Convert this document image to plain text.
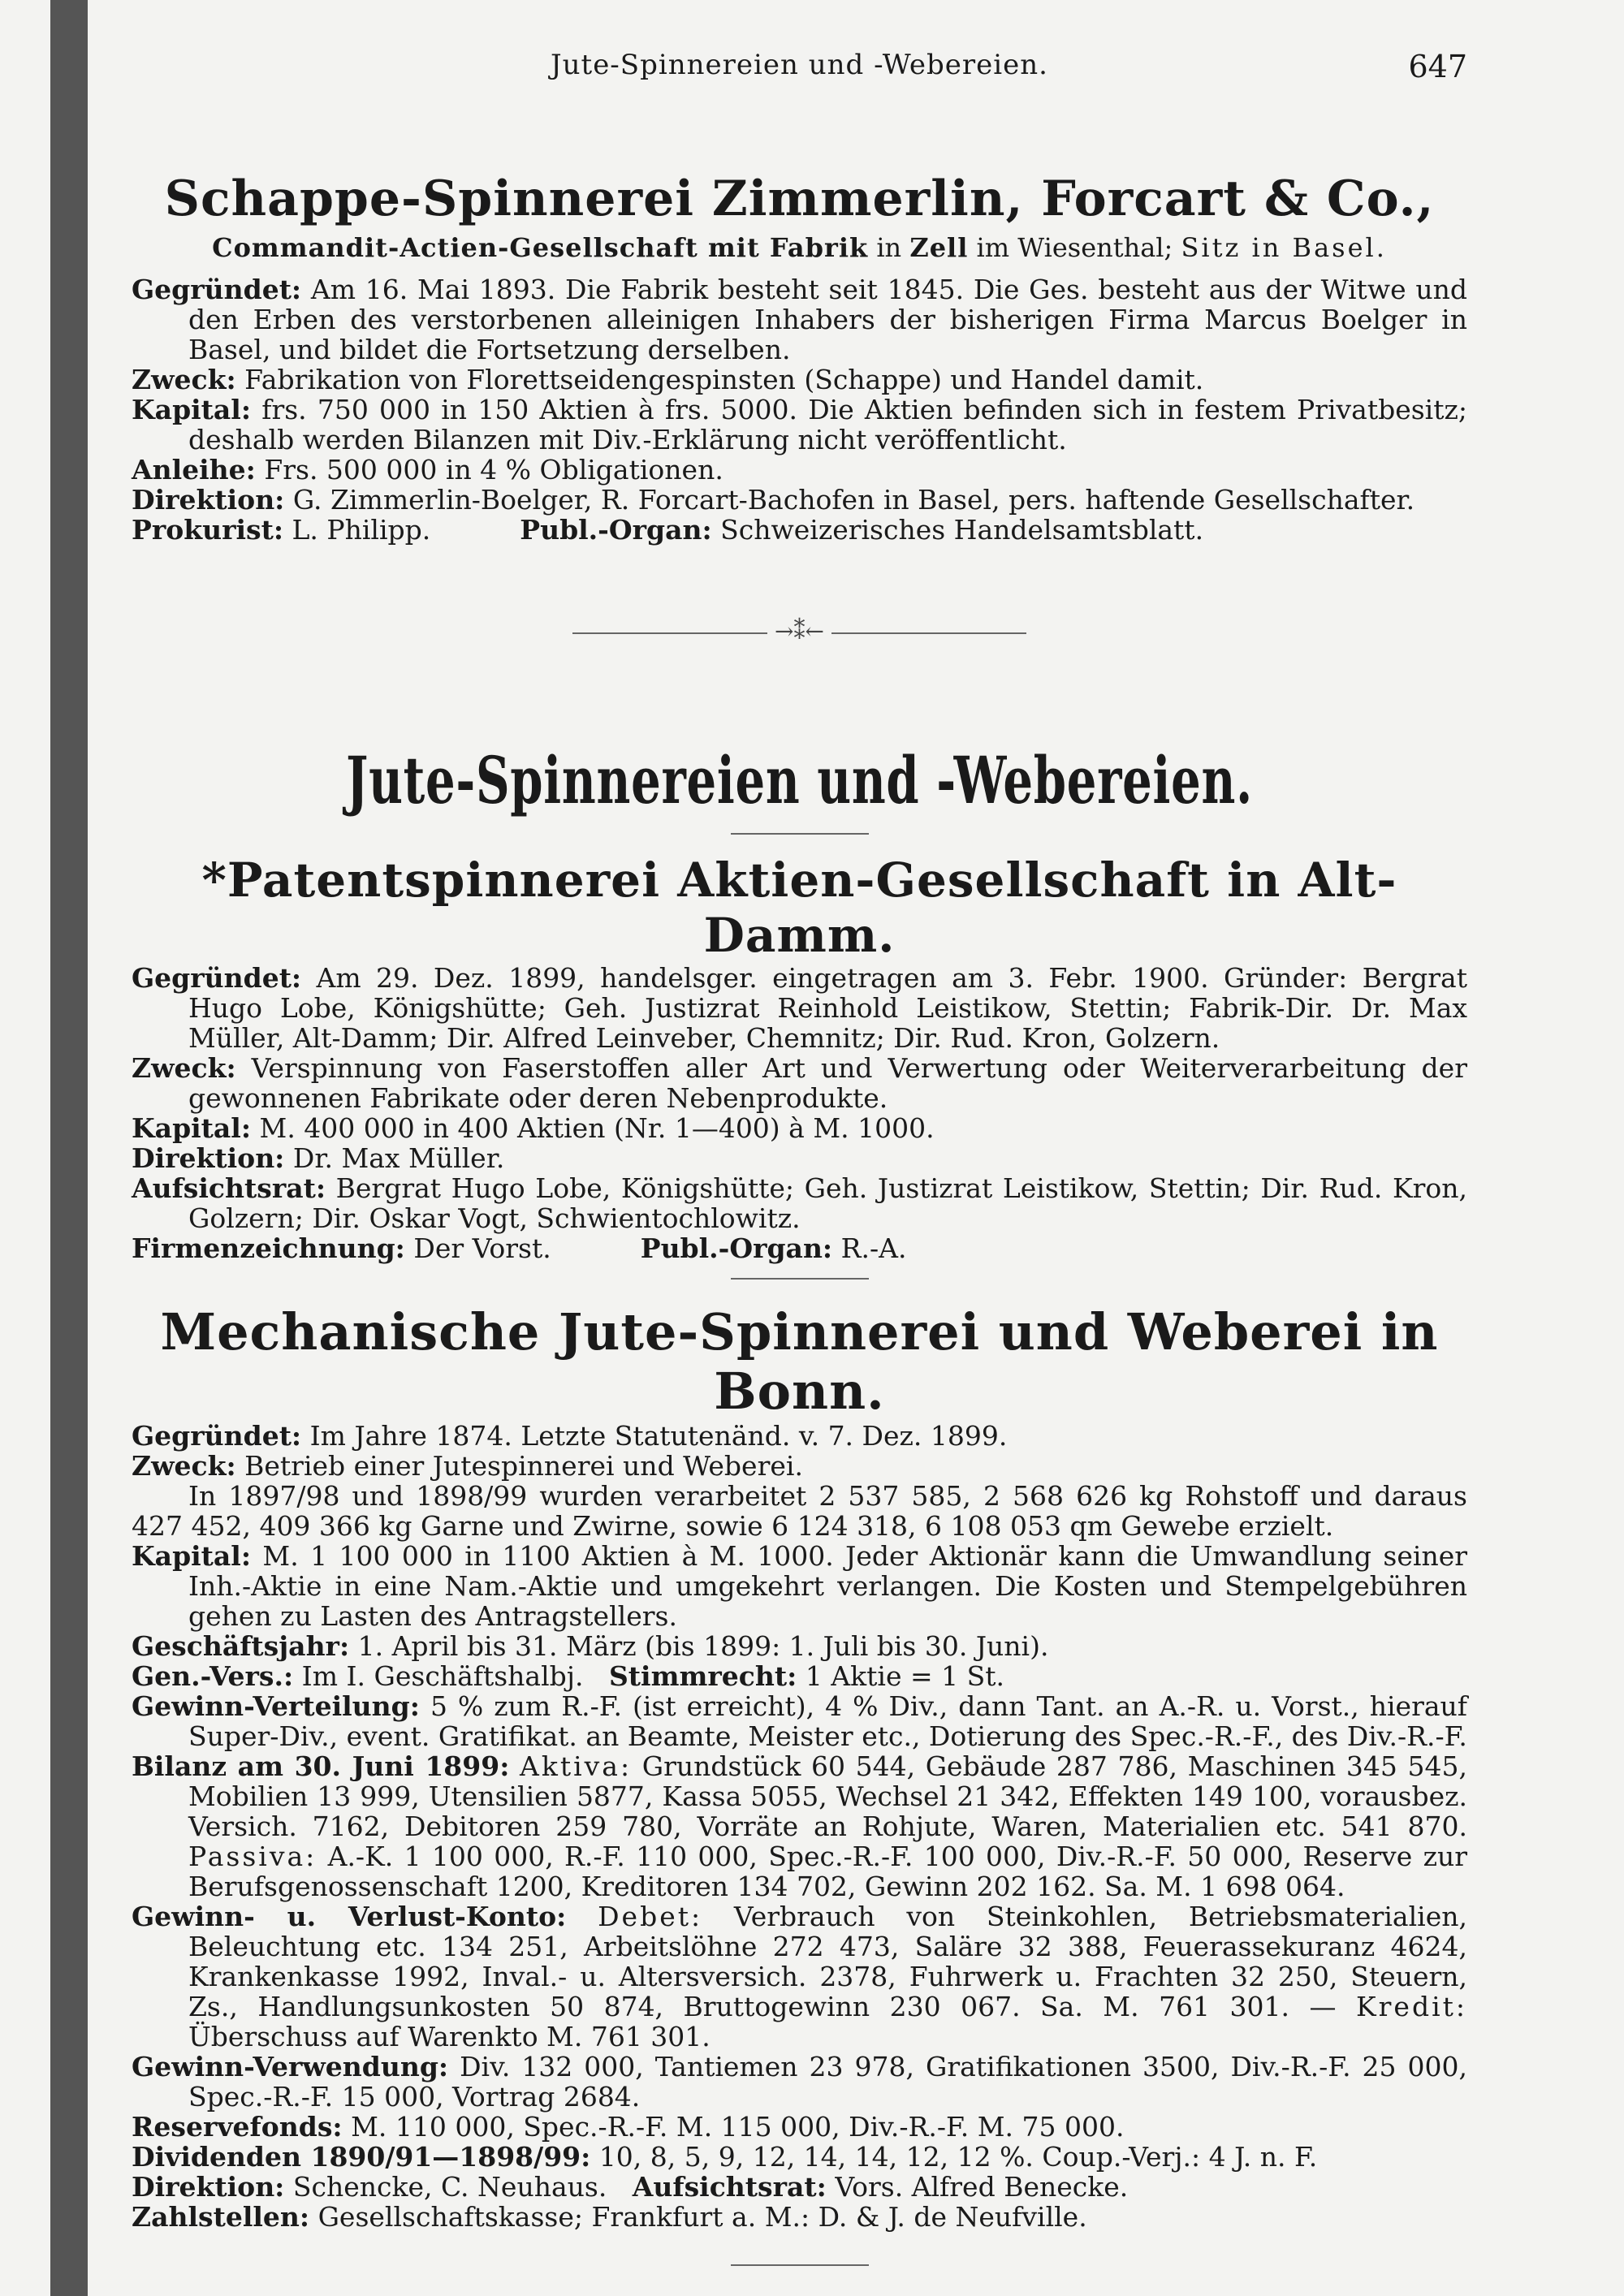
Jute-Spinnereien und -Webereien.	647
Schappe-Spinnerei Zimmerlin, Forcart & Co.,
Commandit-Actien-Gesellschaft mit Fabrik in Zell im Wiesenthal; Sitz in Basel.

Gegründet: Am 16. Mai 1893. Die Fabrik besteht seit 1845. Die Ges. besteht aus der Witwe und den Erben des verstorbenen alleinigen Inhabers der bisherigen Firma Marcus Boelger in Basel, und bildet die Fortsetzung derselben.

Zweck: Fabrikation von Florettseidengespinsten (Schappe) und Handel damit.

Kapital: frs. 750 000 in 150 Aktien à frs. 5000. Die Aktien befinden sich in festem Privatbesitz; deshalb werden Bilanzen mit Div.-Erklärung nicht veröffentlicht.

Anleihe: Frs. 500 000 in 4 % Obligationen.

Direktion: G. Zimmerlin-Boelger, R. Forcart-Bachofen in Basel, pers. haftende Gesellschafter.

Prokurist: L. Philipp.	Publ.-Organ: Schweizerisches Handelsamtsblatt.

→⁑←
Jute-Spinnereien und -Webereien.
*Patentspinnerei Aktien-Gesellschaft in Alt-Damm.

Gegründet: Am 29. Dez. 1899, handelsger. eingetragen am 3. Febr. 1900. Gründer: Bergrat Hugo Lobe, Königshütte; Geh. Justizrat Reinhold Leistikow, Stettin; Fabrik-Dir. Dr. Max Müller, Alt-Damm; Dir. Alfred Leinveber, Chemnitz; Dir. Rud. Kron, Golzern.

Zweck: Verspinnung von Faserstoffen aller Art und Verwertung oder Weiterverarbeitung der gewonnenen Fabrikate oder deren Nebenprodukte.

Kapital: M. 400 000 in 400 Aktien (Nr. 1—400) à M. 1000.

Direktion: Dr. Max Müller.

Aufsichtsrat: Bergrat Hugo Lobe, Königshütte; Geh. Justizrat Leistikow, Stettin; Dir. Rud. Kron, Golzern; Dir. Oskar Vogt, Schwientochlowitz.

Firmenzeichnung: Der Vorst.	Publ.-Organ: R.-A.

Mechanische Jute-Spinnerei und Weberei in Bonn.

Gegründet: Im Jahre 1874. Letzte Statutenänd. v. 7. Dez. 1899.

Zweck: Betrieb einer Jutespinnerei und Weberei.

In 1897/98 und 1898/99 wurden verarbeitet 2 537 585, 2 568 626 kg Rohstoff und daraus 427 452, 409 366 kg Garne und Zwirne, sowie 6 124 318, 6 108 053 qm Gewebe erzielt.

Kapital: M. 1 100 000 in 1100 Aktien à M. 1000. Jeder Aktionär kann die Umwandlung seiner Inh.-Aktie in eine Nam.-Aktie und umgekehrt verlangen. Die Kosten und Stempelgebühren gehen zu Lasten des Antragstellers.

Geschäftsjahr: 1. April bis 31. März (bis 1899: 1. Juli bis 30. Juni).

Gen.-Vers.: Im I. Geschäftshalbj. Stimmrecht: 1 Aktie = 1 St.

Gewinn-Verteilung: 5 % zum R.-F. (ist erreicht), 4 % Div., dann Tant. an A.-R. u. Vorst., hierauf Super-Div., event. Gratifikat. an Beamte, Meister etc., Dotierung des Spec.-R.-F., des Div.-R.-F.

Bilanz am 30. Juni 1899: Aktiva: Grundstück 60 544, Gebäude 287 786, Maschinen 345 545, Mobilien 13 999, Utensilien 5877, Kassa 5055, Wechsel 21 342, Effekten 149 100, vorausbez. Versich. 7162, Debitoren 259 780, Vorräte an Rohjute, Waren, Materialien etc. 541 870. Passiva: A.-K. 1 100 000, R.-F. 110 000, Spec.-R.-F. 100 000, Div.-R.-F. 50 000, Reserve zur Berufsgenossenschaft 1200, Kreditoren 134 702, Gewinn 202 162. Sa. M. 1 698 064.

Gewinn- u. Verlust-Konto: Debet: Verbrauch von Steinkohlen, Betriebsmaterialien, Beleuchtung etc. 134 251, Arbeitslöhne 272 473, Saläre 32 388, Feuerassekuranz 4624, Krankenkasse 1992, Inval.- u. Altersversich. 2378, Fuhrwerk u. Frachten 32 250, Steuern, Zs., Handlungsunkosten 50 874, Bruttogewinn 230 067. Sa. M. 761 301. — Kredit: Überschuss auf Warenkto M. 761 301.

Gewinn-Verwendung: Div. 132 000, Tantiemen 23 978, Gratifikationen 3500, Div.-R.-F. 25 000, Spec.-R.-F. 15 000, Vortrag 2684.

Reservefonds: M. 110 000, Spec.-R.-F. M. 115 000, Div.-R.-F. M. 75 000.

Dividenden 1890/91—1898/99: 10, 8, 5, 9, 12, 14, 14, 12, 12 %. Coup.-Verj.: 4 J. n. F.

Direktion: Schencke, C. Neuhaus. Aufsichtsrat: Vors. Alfred Benecke.

Zahlstellen: Gesellschaftskasse; Frankfurt a. M.: D. & J. de Neufville.
